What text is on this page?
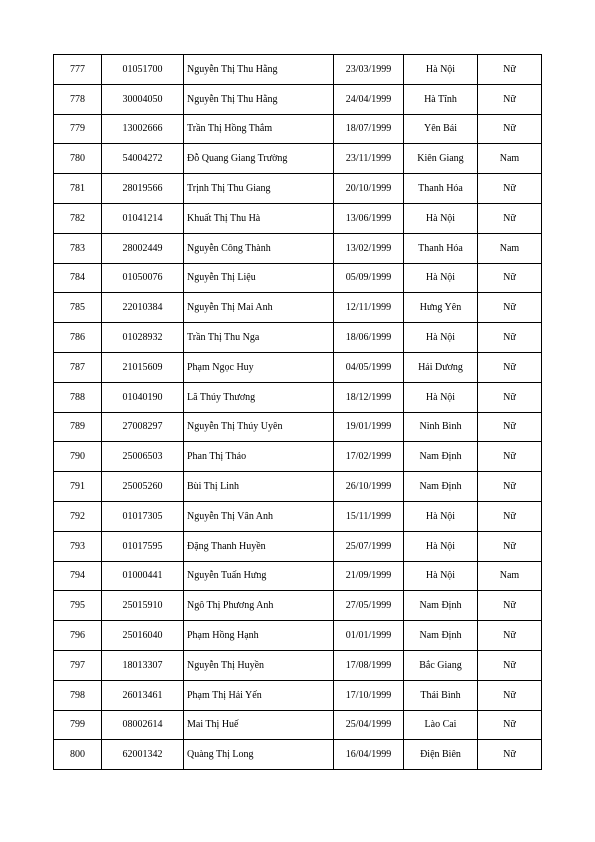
777	01051700	Nguyễn Thị Thu Hằng	23/03/1999	Hà Nội	Nữ
778	30004050	Nguyễn Thị Thu Hằng	24/04/1999	Hà Tĩnh	Nữ
779	13002666	Trần Thị Hồng Thắm	18/07/1999	Yên Bái	Nữ
780	54004272	Đỗ Quang Giang Trường	23/11/1999	Kiên Giang	Nam
781	28019566	Trịnh Thị Thu Giang	20/10/1999	Thanh Hóa	Nữ
782	01041214	Khuất Thị Thu Hà	13/06/1999	Hà Nội	Nữ
783	28002449	Nguyễn Công Thành	13/02/1999	Thanh Hóa	Nam
784	01050076	Nguyễn Thị Liệu	05/09/1999	Hà Nội	Nữ
785	22010384	Nguyễn Thị Mai Anh	12/11/1999	Hưng Yên	Nữ
786	01028932	Trần Thị Thu Nga	18/06/1999	Hà Nội	Nữ
787	21015609	Phạm Ngọc Huy	04/05/1999	Hải Dương	Nữ
788	01040190	Lã Thúy Thương	18/12/1999	Hà Nội	Nữ
789	27008297	Nguyễn Thị Thúy Uyên	19/01/1999	Ninh Bình	Nữ
790	25006503	Phan Thị Thảo	17/02/1999	Nam Định	Nữ
791	25005260	Bùi Thị Linh	26/10/1999	Nam Định	Nữ
792	01017305	Nguyễn Thị Vân Anh	15/11/1999	Hà Nội	Nữ
793	01017595	Đặng Thanh Huyền	25/07/1999	Hà Nội	Nữ
794	01000441	Nguyễn Tuấn Hưng	21/09/1999	Hà Nội	Nam
795	25015910	Ngô Thị Phương Anh	27/05/1999	Nam Định	Nữ
796	25016040	Phạm Hồng Hạnh	01/01/1999	Nam Định	Nữ
797	18013307	Nguyễn Thị Huyền	17/08/1999	Bắc Giang	Nữ
798	26013461	Phạm Thị Hải Yến	17/10/1999	Thái Bình	Nữ
799	08002614	Mai Thị Huế	25/04/1999	Lào Cai	Nữ
800	62001342	Quàng Thị Long	16/04/1999	Điện Biên	Nữ
